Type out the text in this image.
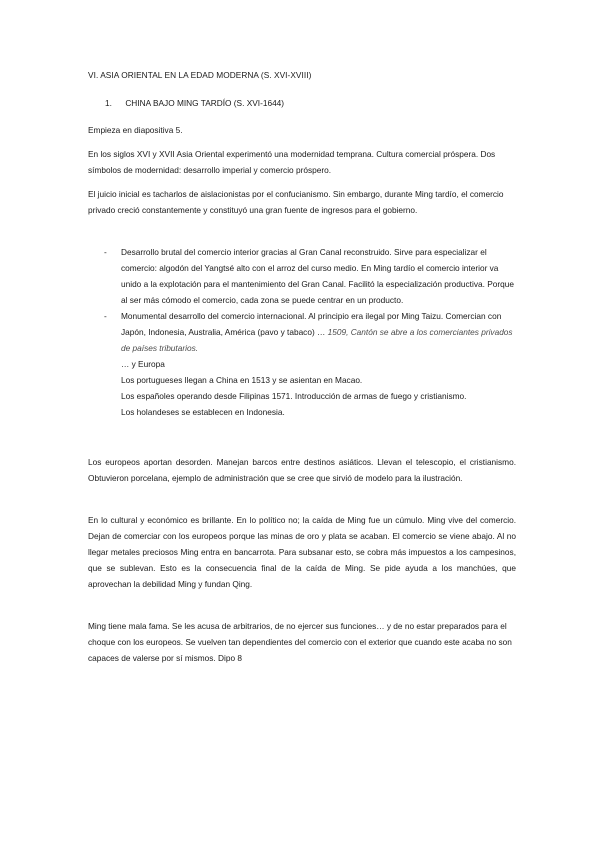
VI. ASIA ORIENTAL EN LA EDAD MODERNA (S. XVI-XVIII)
1. CHINA BAJO MING TARDÍO (S. XVI-1644)
Empieza en diapositiva 5.
En los siglos XVI y XVII Asia Oriental experimentó una modernidad temprana. Cultura comercial próspera. Dos símbolos de modernidad: desarrollo imperial y comercio próspero.
El juicio inicial es tacharlos de aislacionistas por el confucianismo. Sin embargo, durante Ming tardío, el comercio privado creció constantemente y constituyó una gran fuente de ingresos para el gobierno.
- Desarrollo brutal del comercio interior gracias al Gran Canal reconstruido. Sirve para especializar el comercio: algodón del Yangtsé alto con el arroz del curso medio. En Ming tardío el comercio interior va unido a la explotación para el mantenimiento del Gran Canal. Facilitó la especialización productiva. Porque al ser más cómodo el comercio, cada zona se puede centrar en un producto.
- Monumental desarrollo del comercio internacional. Al principio era ilegal por Ming Taizu. Comercian con Japón, Indonesia, Australia, América (pavo y tabaco) … 1509, Cantón se abre a los comerciantes privados de países tributarios.
… y Europa
Los portugueses llegan a China en 1513 y se asientan en Macao.
Los españoles operando desde Filipinas 1571. Introducción de armas de fuego y cristianismo.
Los holandeses se establecen en Indonesia.
Los europeos aportan desorden. Manejan barcos entre destinos asiáticos. Llevan el telescopio, el cristianismo. Obtuvieron porcelana, ejemplo de administración que se cree que sirvió de modelo para la ilustración.
En lo cultural y económico es brillante. En lo político no; la caída de Ming fue un cúmulo. Ming vive del comercio. Dejan de comerciar con los europeos porque las minas de oro y plata se acaban. El comercio se viene abajo. Al no llegar metales preciosos Ming entra en bancarrota. Para subsanar esto, se cobra más impuestos a los campesinos, que se sublevan. Esto es la consecuencia final de la caída de Ming. Se pide ayuda a los manchúes, que aprovechan la debilidad Ming y fundan Qing.
Ming tiene mala fama. Se les acusa de arbitrarios, de no ejercer sus funciones… y de no estar preparados para el choque con los europeos. Se vuelven tan dependientes del comercio con el exterior que cuando este acaba no son capaces de valerse por sí mismos. Dipo 8
